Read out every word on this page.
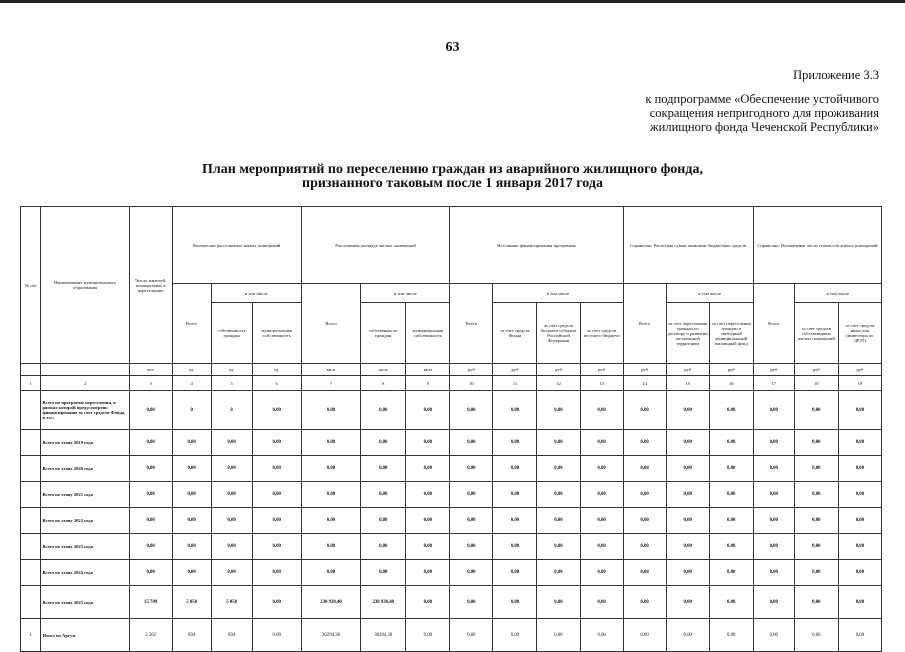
63
Приложение 3.3
к подпрограмме «Обеспечение устойчивого
сокращения непригодного для проживания
жилищного фонда Чеченской Республики»
План мероприятий по переселению граждан из аварийного жилищного фонда,
признанного таковым после 1 января 2017 года
№ п/п	Наименование муниципального образования	Число жителей, планируемых к переселению	Количество расселяемых жилых помещений			Расселяемая площадь жилых помещений			Источники финансирования программы				Справочно: Расчетная сумма экономии бюджетных средств			Справочно: Возмещение части стоимости жилых помещений		
			Всего	в том числе		Всего	в том числе		Всего	в том числе			Всего	в том числе		Всего	в том числе	
				собственность граждан	муниципальная собственность		собственность граждан	муниципальная собственность		за счет средств Фонда	за счет средств бюджета субъекта Российской Федерации	за счет средств местного бюджета		за счет переселения граждан по договору о развитии застроенной территории	за счет переселения граждан в свободный муниципальный жилищный фонд		за счет средств собственников жилых помещений	за счет средств иных лиц (инвестора по ДРЗТ)
		чел.	ед.	ед.	ед.	кв.м	кв.м	кв.м	руб	руб	руб	руб	руб	руб	руб	руб	руб	руб
1	2	3	4	5	6	7	8	9	10	11	12	13	14	15	16	17	18	19
	Всего по программе переселения, в рамках которой предусмотрено финансирование за счет средств Фонда, в т.ч.:	0,00	0	0	0,00	0,00	0,00	0,00	0,00	0,00	0,00	0,00	0,00	0,00	0,00	0,00	0,00	0,00
	Всего по этапу 2019 года	0,00	0,00	0,00	0,00	0,00	0,00	0,00	0,00	0,00	0,00	0,00	0,00	0,00	0,00	0,00	0,00	0,00
	Всего по этапу 2020 года	0,00	0,00	0,00	0,00	0,00	0,00	0,00	0,00	0,00	0,00	0,00	0,00	0,00	0,00	0,00	0,00	0,00
	Всего по этапу 2021 года	0,00	0,00	0,00	0,00	0,00	0,00	0,00	0,00	0,00	0,00	0,00	0,00	0,00	0,00	0,00	0,00	0,00
	Всего по этапу 2022 года	0,00	0,00	0,00	0,00	0,00	0,00	0,00	0,00	0,00	0,00	0,00	0,00	0,00	0,00	0,00	0,00	0,00
	Всего по этапу 2023 года	0,00	0,00	0,00	0,00	0,00	0,00	0,00	0,00	0,00	0,00	0,00	0,00	0,00	0,00	0,00	0,00	0,00
	Всего по этапу 2024 года	0,00	0,00	0,00	0,00	0,00	0,00	0,00	0,00	0,00	0,00	0,00	0,00	0,00	0,00	0,00	0,00	0,00
	Всего по этапу 2025 года	15 709	5 050	5 050	0,00	230 938,40	230 938,40	0,00	0,00	0,00	0,00	0,00	0,00	0,00	0,00	0,00	0,00	0,00
1	Итого по Аргун	2 262	694	694	0,00	30294,30	30294,30	0,00	0,00	0,00	0,00	0,00	0,00	0,00	0,00	0,00	0,00	0,00
